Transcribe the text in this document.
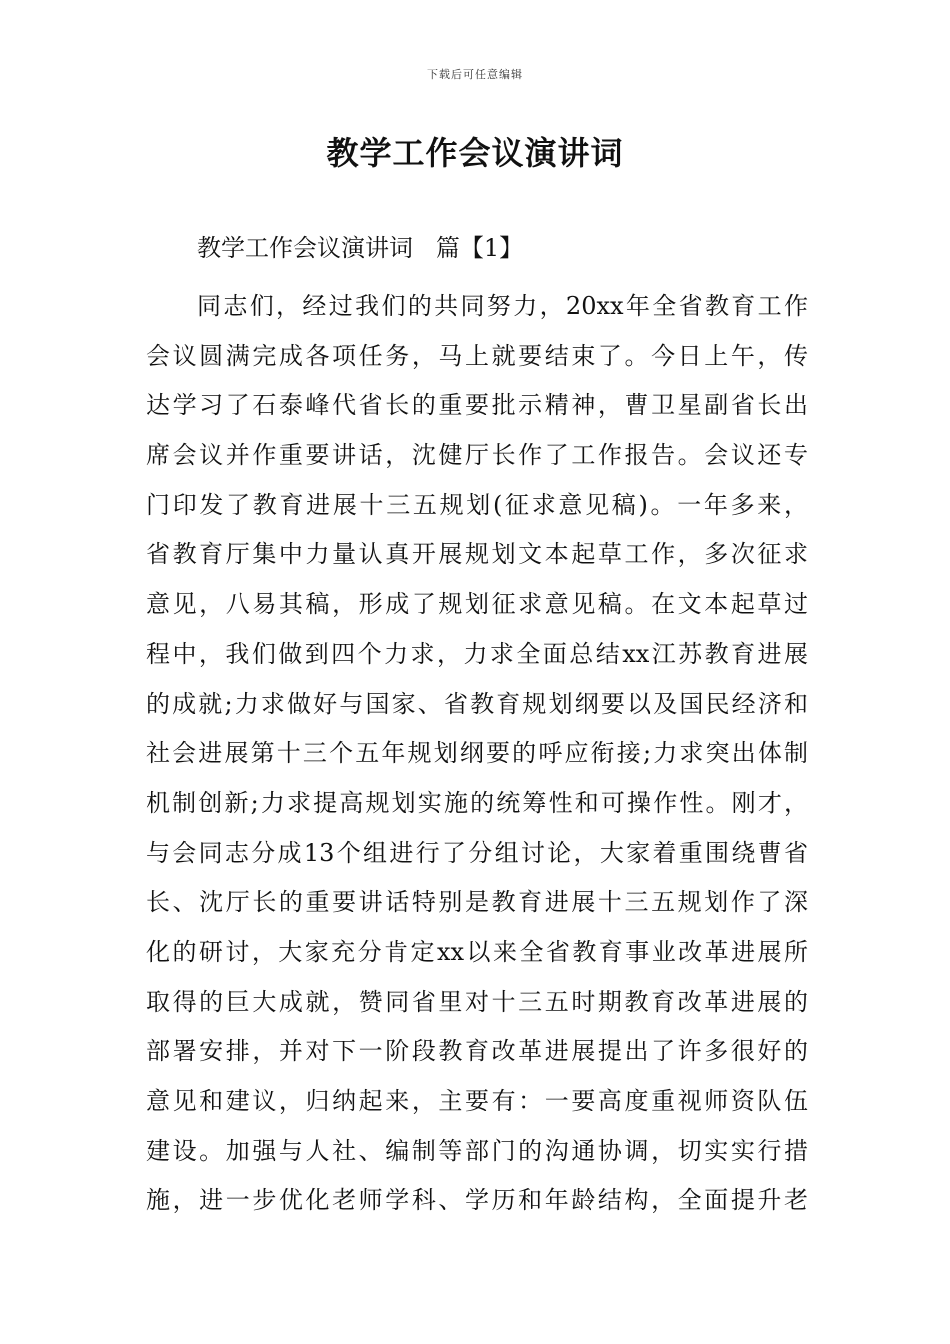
下载后可任意编辑
教学工作会议演讲词
教学工作会议演讲词   篇【1】
同志们，经过我们的共同努力，20xx年全省教育工作
会议圆满完成各项任务，马上就要结束了。今日上午，传
达学习了石泰峰代省长的重要批示精神，曹卫星副省长出
席会议并作重要讲话，沈健厅长作了工作报告。会议还专
门印发了教育进展十三五规划(征求意见稿)。一年多来，
省教育厅集中力量认真开展规划文本起草工作，多次征求
意见，八易其稿，形成了规划征求意见稿。在文本起草过
程中，我们做到四个力求，力求全面总结xx江苏教育进展
的成就;力求做好与国家、省教育规划纲要以及国民经济和
社会进展第十三个五年规划纲要的呼应衔接;力求突出体制
机制创新;力求提高规划实施的统筹性和可操作性。刚才，
与会同志分成13个组进行了分组讨论，大家着重围绕曹省
长、沈厅长的重要讲话特别是教育进展十三五规划作了深
化的研讨，大家充分肯定xx以来全省教育事业改革进展所
取得的巨大成就，赞同省里对十三五时期教育改革进展的
部署安排，并对下一阶段教育改革进展提出了许多很好的
意见和建议，归纳起来，主要有：一要高度重视师资队伍
建设。加强与人社、编制等部门的沟通协调，切实实行措
施，进一步优化老师学科、学历和年龄结构，全面提升老
